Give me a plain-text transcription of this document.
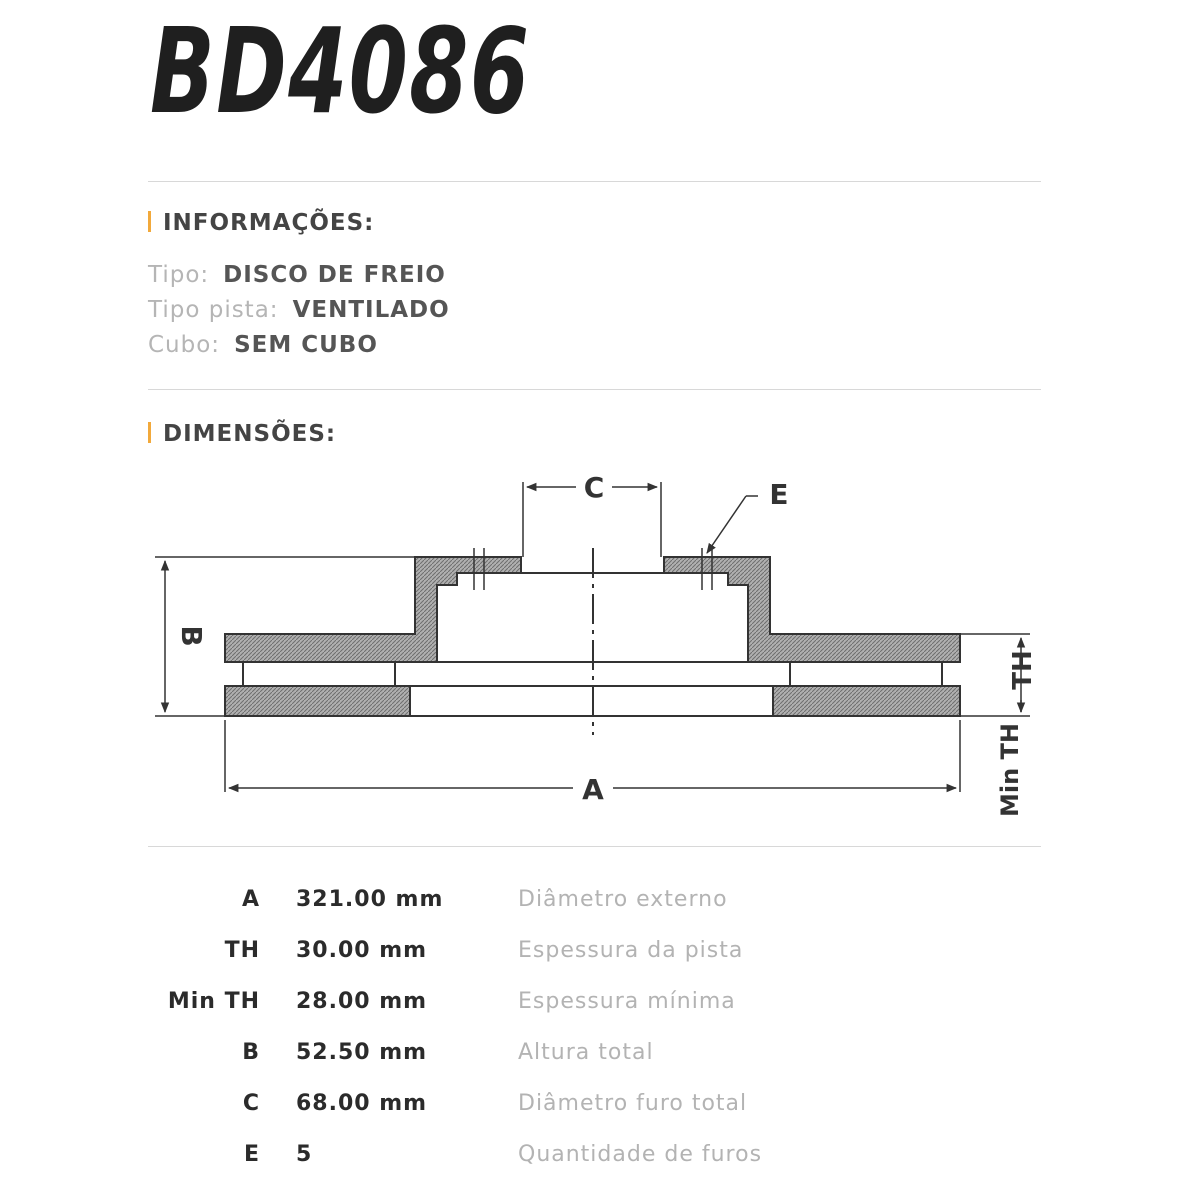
BD4086
INFORMAÇÕES:
Tipo: DISCO DE FREIO
Tipo pista: VENTILADO
Cubo: SEM CUBO
DIMENSÕES:
C	E
A
B
TH
Min TH
A	321.00 mm	Diâmetro externo
TH	30.00 mm	Espessura da pista
Min TH	28.00 mm	Espessura mínima
B	52.50 mm	Altura total
C	68.00 mm	Diâmetro furo total
E	5	Quantidade de furos
